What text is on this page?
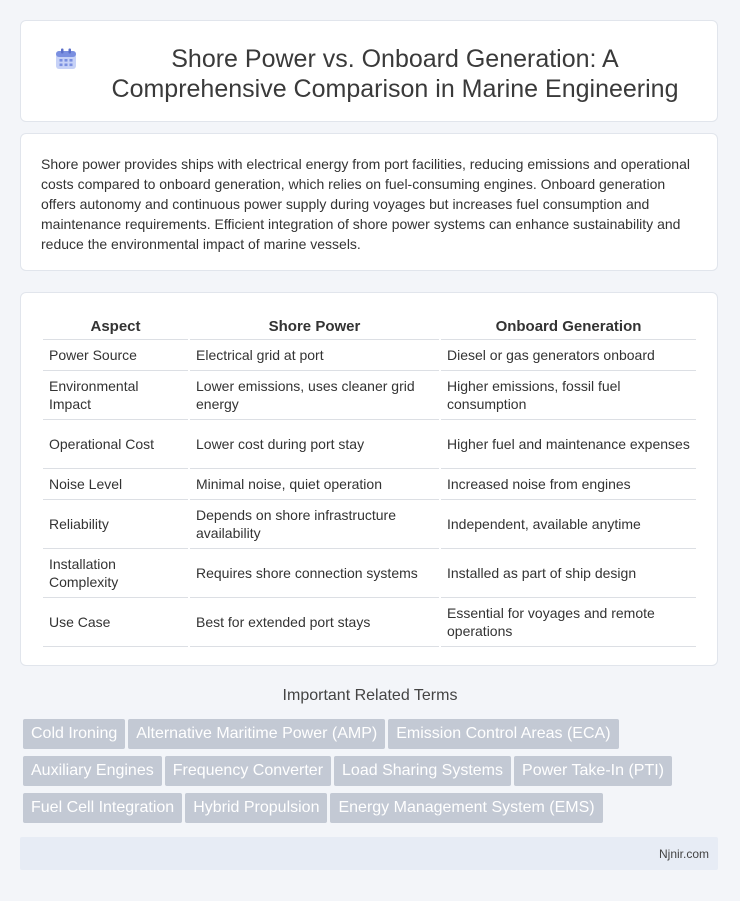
Shore Power vs. Onboard Generation: A Comprehensive Comparison in Marine Engineering
Shore power provides ships with electrical energy from port facilities, reducing emissions and operational costs compared to onboard generation, which relies on fuel-consuming engines. Onboard generation offers autonomy and continuous power supply during voyages but increases fuel consumption and maintenance requirements. Efficient integration of shore power systems can enhance sustainability and reduce the environmental impact of marine vessels.
Aspect	Shore Power	Onboard Generation
Power Source	Electrical grid at port	Diesel or gas generators onboard
Environmental Impact	Lower emissions, uses cleaner grid energy	Higher emissions, fossil fuel consumption
Operational Cost	Lower cost during port stay	Higher fuel and maintenance expenses
Noise Level	Minimal noise, quiet operation	Increased noise from engines
Reliability	Depends on shore infrastructure availability	Independent, available anytime
Installation Complexity	Requires shore connection systems	Installed as part of ship design
Use Case	Best for extended port stays	Essential for voyages and remote operations
Important Related Terms
Cold Ironing Alternative Maritime Power (AMP) Emission Control Areas (ECA)
Auxiliary Engines Frequency Converter Load Sharing Systems Power Take-In (PTI)
Fuel Cell Integration Hybrid Propulsion Energy Management System (EMS)
Njnir.com
